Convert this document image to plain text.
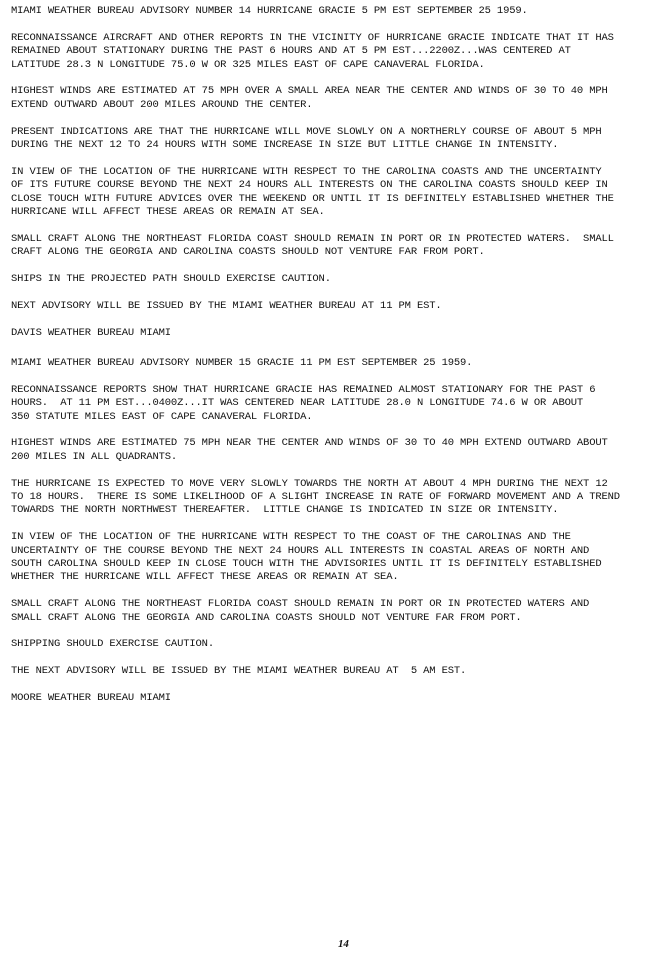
MIAMI WEATHER BUREAU ADVISORY NUMBER 14 HURRICANE GRACIE 5 PM EST SEPTEMBER 25 1959.

RECONNAISSANCE AIRCRAFT AND OTHER REPORTS IN THE VICINITY OF HURRICANE GRACIE INDICATE THAT IT HAS
REMAINED ABOUT STATIONARY DURING THE PAST 6 HOURS AND AT 5 PM EST...2200Z...WAS CENTERED AT
LATITUDE 28.3 N LONGITUDE 75.0 W OR 325 MILES EAST OF CAPE CANAVERAL FLORIDA.

HIGHEST WINDS ARE ESTIMATED AT 75 MPH OVER A SMALL AREA NEAR THE CENTER AND WINDS OF 30 TO 40 MPH
EXTEND OUTWARD ABOUT 200 MILES AROUND THE CENTER.

PRESENT INDICATIONS ARE THAT THE HURRICANE WILL MOVE SLOWLY ON A NORTHERLY COURSE OF ABOUT 5 MPH
DURING THE NEXT 12 TO 24 HOURS WITH SOME INCREASE IN SIZE BUT LITTLE CHANGE IN INTENSITY.

IN VIEW OF THE LOCATION OF THE HURRICANE WITH RESPECT TO THE CAROLINA COASTS AND THE UNCERTAINTY
OF ITS FUTURE COURSE BEYOND THE NEXT 24 HOURS ALL INTERESTS ON THE CAROLINA COASTS SHOULD KEEP IN
CLOSE TOUCH WITH FUTURE ADVICES OVER THE WEEKEND OR UNTIL IT IS DEFINITELY ESTABLISHED WHETHER THE
HURRICANE WILL AFFECT THESE AREAS OR REMAIN AT SEA.

SMALL CRAFT ALONG THE NORTHEAST FLORIDA COAST SHOULD REMAIN IN PORT OR IN PROTECTED WATERS.  SMALL
CRAFT ALONG THE GEORGIA AND CAROLINA COASTS SHOULD NOT VENTURE FAR FROM PORT.

SHIPS IN THE PROJECTED PATH SHOULD EXERCISE CAUTION.

NEXT ADVISORY WILL BE ISSUED BY THE MIAMI WEATHER BUREAU AT 11 PM EST.

DAVIS WEATHER BUREAU MIAMI

MIAMI WEATHER BUREAU ADVISORY NUMBER 15 GRACIE 11 PM EST SEPTEMBER 25 1959.

RECONNAISSANCE REPORTS SHOW THAT HURRICANE GRACIE HAS REMAINED ALMOST STATIONARY FOR THE PAST 6
HOURS.  AT 11 PM EST...0400Z...IT WAS CENTERED NEAR LATITUDE 28.0 N LONGITUDE 74.6 W OR ABOUT
350 STATUTE MILES EAST OF CAPE CANAVERAL FLORIDA.

HIGHEST WINDS ARE ESTIMATED 75 MPH NEAR THE CENTER AND WINDS OF 30 TO 40 MPH EXTEND OUTWARD ABOUT
200 MILES IN ALL QUADRANTS.

THE HURRICANE IS EXPECTED TO MOVE VERY SLOWLY TOWARDS THE NORTH AT ABOUT 4 MPH DURING THE NEXT 12
TO 18 HOURS.  THERE IS SOME LIKELIHOOD OF A SLIGHT INCREASE IN RATE OF FORWARD MOVEMENT AND A TREND
TOWARDS THE NORTH NORTHWEST THEREAFTER.  LITTLE CHANGE IS INDICATED IN SIZE OR INTENSITY.

IN VIEW OF THE LOCATION OF THE HURRICANE WITH RESPECT TO THE COAST OF THE CAROLINAS AND THE
UNCERTAINTY OF THE COURSE BEYOND THE NEXT 24 HOURS ALL INTERESTS IN COASTAL AREAS OF NORTH AND
SOUTH CAROLINA SHOULD KEEP IN CLOSE TOUCH WITH THE ADVISORIES UNTIL IT IS DEFINITELY ESTABLISHED
WHETHER THE HURRICANE WILL AFFECT THESE AREAS OR REMAIN AT SEA.

SMALL CRAFT ALONG THE NORTHEAST FLORIDA COAST SHOULD REMAIN IN PORT OR IN PROTECTED WATERS AND
SMALL CRAFT ALONG THE GEORGIA AND CAROLINA COASTS SHOULD NOT VENTURE FAR FROM PORT.

SHIPPING SHOULD EXERCISE CAUTION.

THE NEXT ADVISORY WILL BE ISSUED BY THE MIAMI WEATHER BUREAU AT  5 AM EST.

MOORE WEATHER BUREAU MIAMI

14
